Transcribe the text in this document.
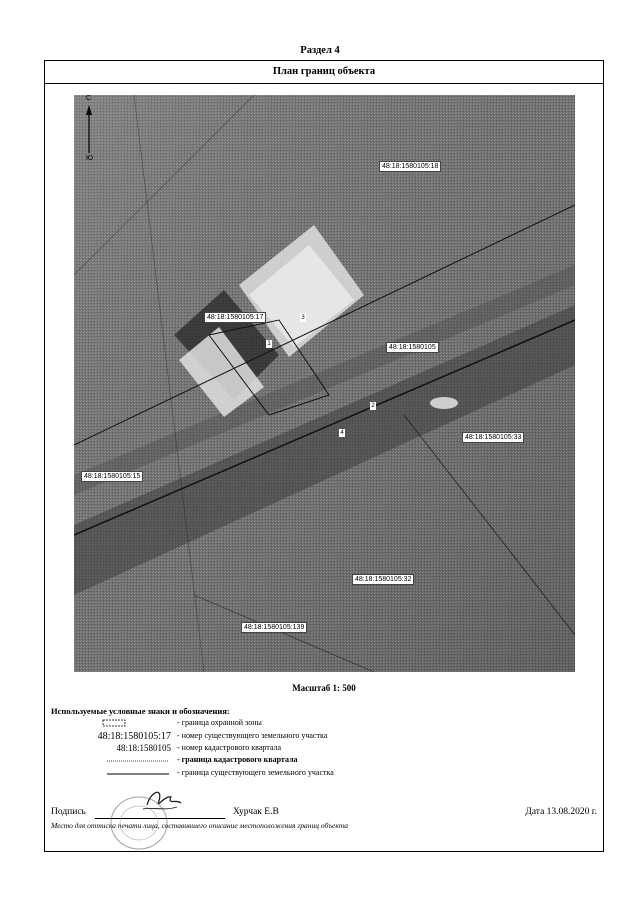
Раздел 4
План границ объекта
С
Ю
48:18:1580105:18
48:18:1580105:17
48:18:1580105
48:18:1580105:33
48:18:1580105:15
48:18:1580105:32
48:18:1580105:139
3
1
2
4
Масштаб 1: 500
Используемые условные знаки и обозначения:
- граница охранной зоны
48:18:1580105:17 - номер существующего земельного участка
48:18:1580105 - номер кадастрового квартала
- граница кадастрового квартала
- граница существующего земельного участка
Подпись	Хурчак Е.В	Дата 13.08.2020 г.
Место для оттиска печати лица, составившего описание местоположения границ объекта
